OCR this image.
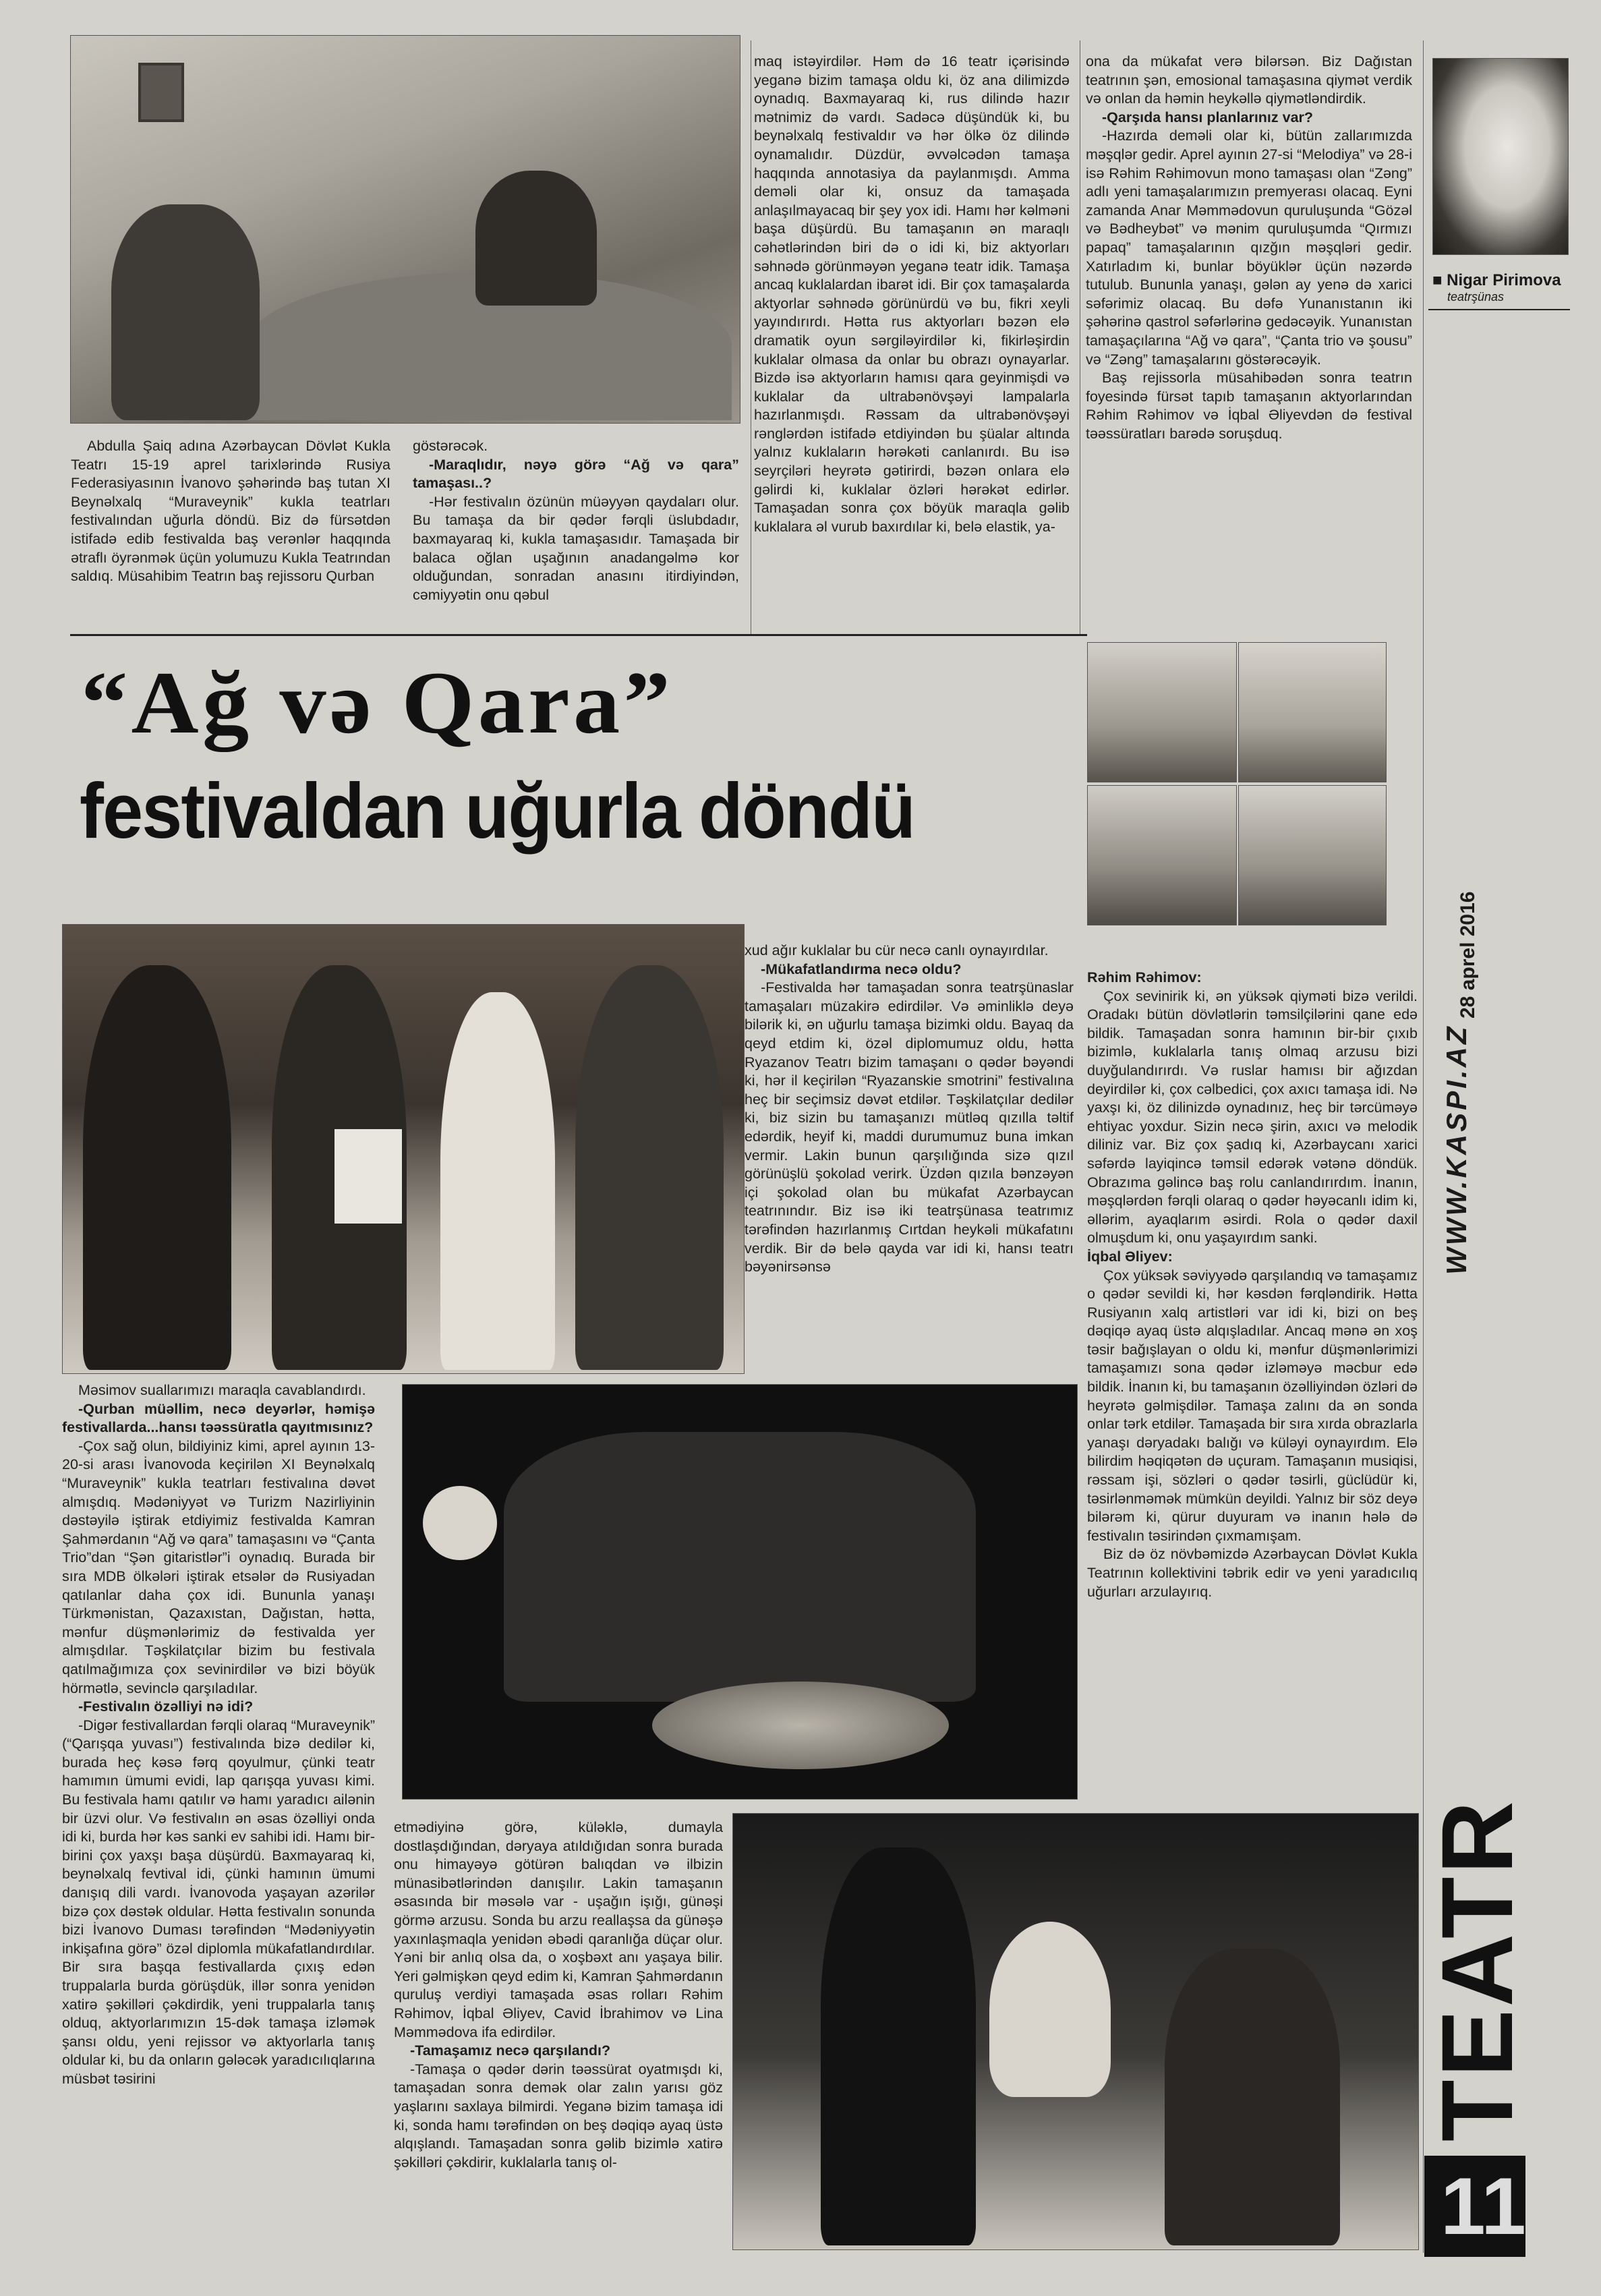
■ Nigar Pirimova
teatrşünas

Abdulla Şaiq adına Azərbaycan Dövlət Kukla Teatrı 15-19 aprel tarixlərində Rusiya Federasiyasının İvanovo şəhərində baş tutan XI Beynəlxalq “Muraveynik” kukla teatrları festivalından uğurla döndü. Biz də fürsətdən istifadə edib festivalda baş verənlər haqqında ətraflı öyrənmək üçün yolumuzu Kukla Teatrından saldıq. Müsahibim Teatrın baş rejissoru Qurban

göstərəcək.

-Maraqlıdır, nəyə görə “Ağ və qara” tamaşası..?

-Hər festivalın özünün müəyyən qaydaları olur. Bu tamaşa da bir qədər fərqli üslubdadır, baxmayaraq ki, kukla tamaşasıdır. Tamaşada bir balaca oğlan uşağının anadangəlmə kor olduğundan, sonradan anasını itirdiyindən, cəmiyyətin onu qəbul

maq istəyirdilər. Həm də 16 teatr içərisində yeganə bizim tamaşa oldu ki, öz ana dilimizdə oynadıq. Baxmayaraq ki, rus dilində hazır mətnimiz də vardı. Sadəcə düşündük ki, bu beynəlxalq festivaldır və hər ölkə öz dilində oynamalıdır. Düzdür, əvvəlcədən tamaşa haqqında annotasiya da paylanmışdı. Amma deməli olar ki, onsuz da tamaşada anlaşılmayacaq bir şey yox idi. Hamı hər kəlməni başa düşürdü. Bu tamaşanın ən maraqlı cəhətlərindən biri də o idi ki, biz aktyorları səhnədə görünməyən yeganə teatr idik. Tamaşa ancaq kuklalardan ibarət idi. Bir çox tamaşalarda aktyorlar səhnədə görünürdü və bu, fikri xeyli yayındırırdı. Hətta rus aktyorları bəzən elə dramatik oyun sərgiləyirdilər ki, fikirləşirdin kuklalar olmasa da onlar bu obrazı oynayarlar. Bizdə isə aktyorların hamısı qara geyinmişdi və kuklalar da ultrabənövşəyi lampalarla hazırlanmışdı. Rəssam da ultrabənövşəyi rənglərdən istifadə etdiyindən bu şüalar altında yalnız kuklaların hərəkəti canlanırdı. Bu isə seyrçiləri heyrətə gətirirdi, bəzən onlara elə gəlirdi ki, kuklalar özləri hərəkət edirlər. Tamaşadan sonra çox böyük maraqla gəlib kuklalara əl vurub baxırdılar ki, belə elastik, ya-

ona da mükafat verə bilərsən. Biz Dağıstan teatrının şən, emosional tamaşasına qiymət verdik və onlan da həmin heykəllə qiymətləndirdik.

-Qarşıda hansı planlarınız var?

-Hazırda deməli olar ki, bütün zallarımızda məşqlər gedir. Aprel ayının 27-si “Melodiya” və 28-i isə Rəhim Rəhimovun mono tamaşası olan “Zəng” adlı yeni tamaşalarımızın premyerası olacaq. Eyni zamanda Anar Məmmədovun quruluşunda “Gözəl və Bədheybət” və mənim quruluşumda “Qırmızı papaq” tamaşalarının qızğın məşqləri gedir. Xatırladım ki, bunlar böyüklər üçün nəzərdə tutulub. Bununla yanaşı, gələn ay yenə də xarici səfərimiz olacaq. Bu dəfə Yunanıstanın iki şəhərinə qastrol səfərlərinə gedəcəyik. Yunanıstan tamaşaçılarına “Ağ və qara”, “Çanta trio və şousu” və “Zəng” tamaşalarını göstərəcəyik.

Baş rejissorla müsahibədən sonra teatrın foyesində fürsət tapıb tamaşanın aktyorlarından Rəhim Rəhimov və İqbal Əliyevdən də festival təəssüratları barədə soruşduq.

“Ağ və Qara”
festivaldan uğurla döndü

xud ağır kuklalar bu cür necə canlı oynayırdılar.

-Mükafatlandırma necə oldu?

-Festivalda hər tamaşadan sonra teatrşünaslar tamaşaları müzakirə edirdilər. Və əminliklə deyə bilərik ki, ən uğurlu tamaşa bizimki oldu. Bayaq da qeyd etdim ki, özəl diplomumuz oldu, hətta Ryazanov Teatrı bizim tamaşanı o qədər bəyəndi ki, hər il keçirilən “Ryazanskie smotrini” festivalına heç bir seçimsiz dəvət etdilər. Təşkilatçılar dedilər ki, biz sizin bu tamaşanızı mütləq qızılla təltif edərdik, heyif ki, maddi durumumuz buna imkan vermir. Lakin bunun qarşılığında sizə qızıl görünüşlü şokolad verirk. Üzdən qızıla bənzəyən içi şokolad olan bu mükafat Azərbaycan teatrınındır. Biz isə iki teatrşünasa teatrımız tərəfindən hazırlanmış Cırtdan heykəli mükafatını verdik. Bir də belə qayda var idi ki, hansı teatrı bəyənirsənsə

Rəhim Rəhimov:

Çox sevinirik ki, ən yüksək qiyməti bizə verildi. Oradakı bütün dövlətlərin təmsilçilərini qane edə bildik. Tamaşadan sonra hamının bir-bir çıxıb bizimlə, kuklalarla tanış olmaq arzusu bizi duyğulandırırdı. Və ruslar hamısı bir ağızdan deyirdilər ki, çox cəlbedici, çox axıcı tamaşa idi. Nə yaxşı ki, öz dilinizdə oynadınız, heç bir tərcüməyə ehtiyac yoxdur. Sizin necə şirin, axıcı və melodik diliniz var. Biz çox şadıq ki, Azərbaycanı xarici səfərdə layiqincə təmsil edərək vətənə döndük. Obrazıma gəlincə baş rolu canlandırırdım. İnanın, məşqlərdən fərqli olaraq o qədər həyəcanlı idim ki, əllərim, ayaqlarım əsirdi. Rola o qədər daxil olmuşdum ki, onu yaşayırdım sanki.

İqbal Əliyev:

Çox yüksək səviyyədə qarşılandıq və tamaşamız o qədər sevildi ki, hər kəsdən fərqləndirik. Hətta Rusiyanın xalq artistləri var idi ki, bizi on beş dəqiqə ayaq üstə alqışladılar. Ancaq mənə ən xoş təsir bağışlayan o oldu ki, mənfur düşmənlərimizi tamaşamızı sona qədər izləməyə məcbur edə bildik. İnanın ki, bu tamaşanın özəlliyindən özləri də heyrətə gəlmişdilər. Tamaşa zalını da ən sonda onlar tərk etdilər. Tamaşada bir sıra xırda obrazlarla yanaşı dəryadakı balığı və küləyi oynayırdım. Elə bilirdim həqiqətən də uçuram. Tamaşanın musiqisi, rəssam işi, sözləri o qədər təsirli, güclüdür ki, təsirlənməmək mümkün deyildi. Yalnız bir söz deyə bilərəm ki, qürur duyuram və inanın hələ də festivalın təsirindən çıxmamışam.

Biz də öz növbəmizdə Azərbaycan Dövlət Kukla Teatrının kollektivini təbrik edir və yeni yaradıcılıq uğurları arzulayırıq.

Məsimov suallarımızı maraqla cavablandırdı.

-Qurban müəllim, necə deyərlər, həmişə festivallarda...hansı təəssüratla qayıtmısınız?

-Çox sağ olun, bildiyiniz kimi, aprel ayının 13-20-si arası İvanovoda keçirilən XI Beynəlxalq “Muraveynik” kukla teatrları festivalına dəvət almışdıq. Mədəniyyət və Turizm Nazirliyinin dəstəyilə iştirak etdiyimiz festivalda Kamran Şahmərdanın “Ağ və qara” tamaşasını və “Çanta Trio”dan “Şən gitaristlər”i oynadıq. Burada bir sıra MDB ölkələri iştirak etsələr də Rusiyadan qatılanlar daha çox idi. Bununla yanaşı Türkmənistan, Qazaxıstan, Dağıstan, hətta, mənfur düşmənlərimiz də festivalda yer almışdılar. Təşkilatçılar bizim bu festivala qatılmağımıza çox sevinirdilər və bizi böyük hörmətlə, sevinclə qarşıladılar.

-Festivalın özəlliyi nə idi?

-Digər festivallardan fərqli olaraq “Muraveynik” (“Qarışqa yuvası”) festivalında bizə dedilər ki, burada heç kəsə fərq qoyulmur, çünki teatr hamımın ümumi evidi, lap qarışqa yuvası kimi. Bu festivala hamı qatılır və hamı yaradıcı ailənin bir üzvi olur. Və festivalın ən əsas özəlliyi onda idi ki, burda hər kəs sanki ev sahibi idi. Hamı bir-birini çox yaxşı başa düşürdü. Baxmayaraq ki, beynəlxalq fevtival idi, çünki hamının ümumi danışıq dili vardı. İvanovoda yaşayan azərilər bizə çox dəstək oldular. Hətta festivalın sonunda bizi İvanovo Duması tərəfindən “Mədəniyyətin inkişafına görə” özəl diplomla mükafatlandırdılar. Bir sıra başqa festivallarda çıxış edən truppalarla burda görüşdük, illər sonra yenidən xatirə şəkilləri çəkdirdik, yeni truppalarla tanış olduq, aktyorlarımızın 15-dək tamaşa izləmək şansı oldu, yeni rejissor və aktyorlarla tanış oldular ki, bu da onların gələcək yaradıcılıqlarına müsbət təsirini

etmədiyinə görə, küləklə, dumayla dostlaşdığından, dəryaya atıldığıdan sonra burada onu himayəyə götürən balıqdan və ilbizin münasibətlərindən danışılır. Lakin tamaşanın əsasında bir məsələ var - uşağın işığı, günəşi görmə arzusu. Sonda bu arzu reallaşsa da günəşə yaxınlaşmaqla yenidən əbədi qaranlığa düçar olur. Yəni bir anlıq olsa da, o xoşbəxt anı yaşaya bilir. Yeri gəlmişkən qeyd edim ki, Kamran Şahmərdanın quruluş verdiyi tamaşada əsas rolları Rəhim Rəhimov, İqbal Əliyev, Cavid İbrahimov və Lina Məmmədova ifa edirdilər.

-Tamaşamız necə qarşılandı?

-Tamaşa o qədər dərin təəssürat oyatmışdı ki, tamaşadan sonra demək olar zalın yarısı göz yaşlarını saxlaya bilmirdi. Yeganə bizim tamaşa idi ki, sonda hamı tərəfindən on beş dəqiqə ayaq üstə alqışlandı. Tamaşadan sonra gəlib bizimlə xatirə şəkilləri çəkdirir, kuklalarla tanış ol-

WWW.KASPI.AZ
28 aprel 2016
TEATR
11
